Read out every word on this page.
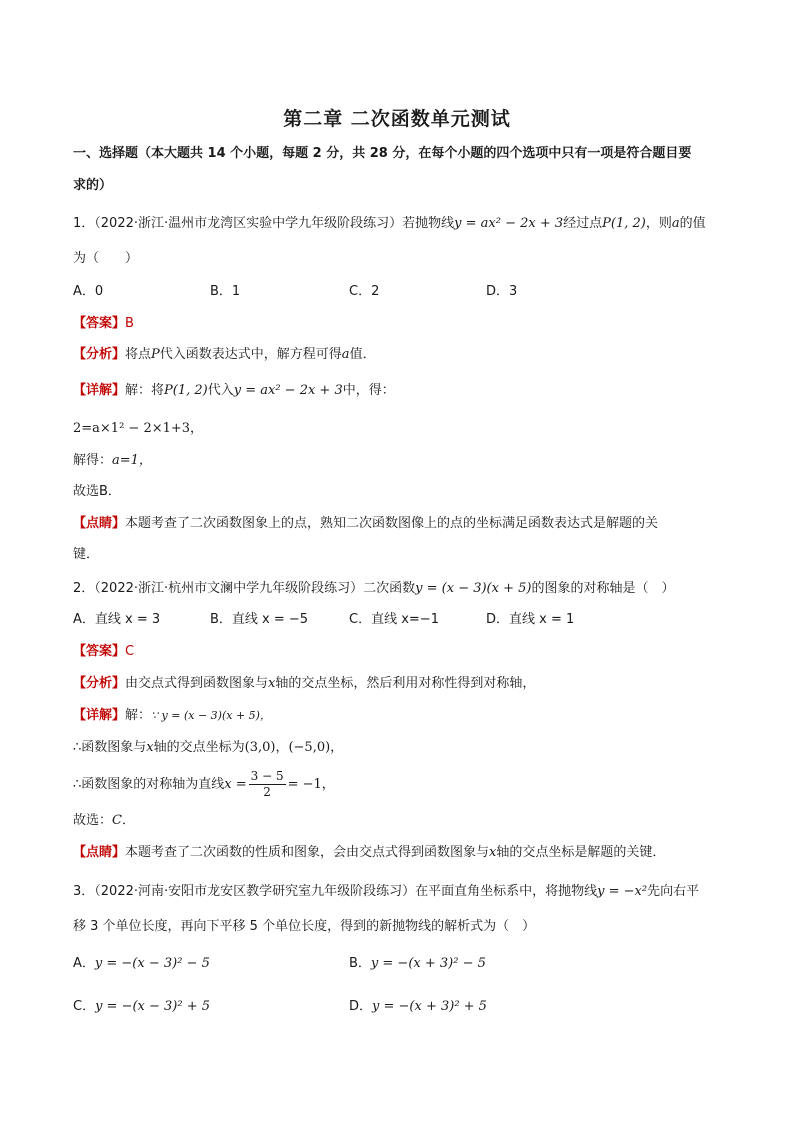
第二章 二次函数单元测试
一、选择题（本大题共 14 个小题，每题 2 分，共 28 分，在每个小题的四个选项中只有一项是符合题目要
求的）
1．（2022·浙江·温州市龙湾区实验中学九年级阶段练习）若抛物线y = ax² − 2x + 3经过点P(1, 2)，则a的值
为（　　）
A．0	B．1	C．2	D．3
【答案】B
【分析】将点P代入函数表达式中，解方程可得a值．
【详解】解：将P(1, 2)代入y = ax² − 2x + 3中，得：
2=a×1² − 2×1+3，
解得：a=1，
故选B．
【点睛】本题考查了二次函数图象上的点，熟知二次函数图像上的点的坐标满足函数表达式是解题的关
键．
2．（2022·浙江·杭州市文澜中学九年级阶段练习）二次函数y = (x − 3)(x + 5)的图象的对称轴是（　）
A．直线 x = 3	B．直线 x = −5	C．直线 x=−1	D．直线 x = 1
【答案】C
【分析】由交点式得到函数图象与x轴的交点坐标，然后利用对称性得到对称轴，
【详解】解：∵ y = (x − 3)(x + 5)，
∴函数图象与x轴的交点坐标为(3,0)，(−5,0)，
∴函数图象的对称轴为直线$x = \frac{3 - 5}{2} = -1$，
故选：C．
【点睛】本题考查了二次函数的性质和图象，会由交点式得到函数图象与x轴的交点坐标是解题的关键．
3．（2022·河南·安阳市龙安区教学研究室九年级阶段练习）在平面直角坐标系中，将抛物线y = −x²先向右平
移 3 个单位长度，再向下平移 5 个单位长度，得到的新抛物线的解析式为（　）
A．y = −(x − 3)² − 5	B．y = −(x + 3)² − 5
C．y = −(x − 3)² + 5	D．y = −(x + 3)² + 5
